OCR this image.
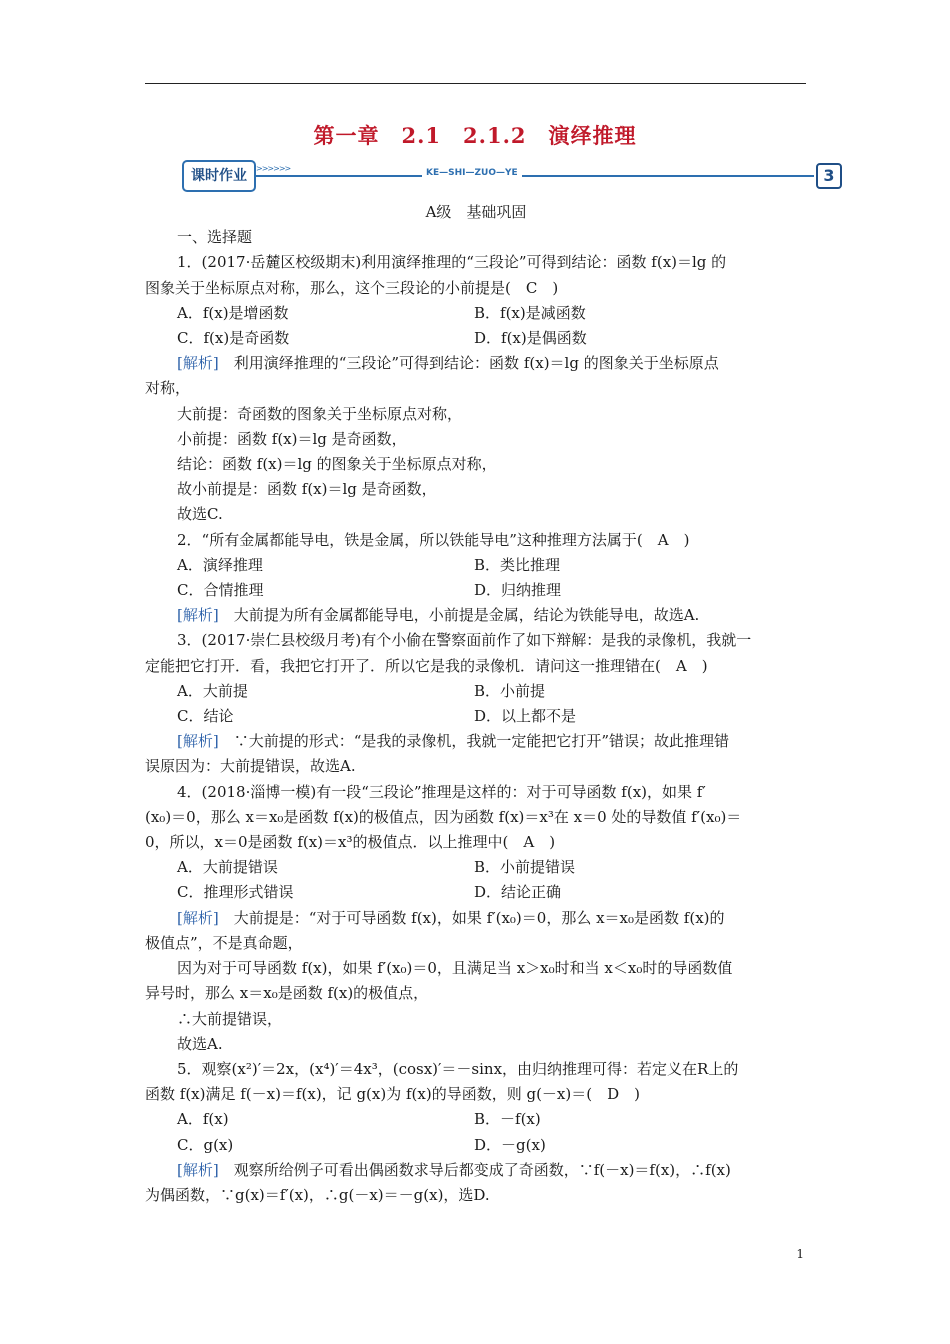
第一章　2.1　2.1.2　演绎推理
课时作业	>>>>>>	KE—SHI—ZUO—YE	3

A级　基础巩固

一、选择题

1．(2017·岳麓区校级期末)利用演绎推理的“三段论”可得到结论：函数 f(x)＝lg 的

图象关于坐标原点对称，那么，这个三段论的小前提是(　C　)

A．f(x)是增函数	B．f(x)是减函数
C．f(x)是奇函数	D．f(x)是偶函数

[解析]　利用演绎推理的“三段论”可得到结论：函数 f(x)＝lg 的图象关于坐标原点

对称，

大前提：奇函数的图象关于坐标原点对称，

小前提：函数 f(x)＝lg 是奇函数，

结论：函数 f(x)＝lg 的图象关于坐标原点对称，

故小前提是：函数 f(x)＝lg 是奇函数，

故选C.

2．“所有金属都能导电，铁是金属，所以铁能导电”这种推理方法属于(　A　)

A．演绎推理	B．类比推理
C．合情推理	D．归纳推理

[解析]　大前提为所有金属都能导电，小前提是金属，结论为铁能导电，故选A.

3．(2017·崇仁县校级月考)有个小偷在警察面前作了如下辩解：是我的录像机，我就一

定能把它打开．看，我把它打开了．所以它是我的录像机．请问这一推理错在(　A　)

A．大前提	B．小前提
C．结论	D．以上都不是

[解析]　∵大前提的形式：“是我的录像机，我就一定能把它打开”错误；故此推理错

误原因为：大前提错误，故选A.

4．(2018·淄博一模)有一段“三段论”推理是这样的：对于可导函数 f(x)，如果 f′

(x₀)＝0，那么 x＝x₀是函数 f(x)的极值点，因为函数 f(x)＝x³在 x＝0 处的导数值 f′(x₀)＝

0，所以，x＝0是函数 f(x)＝x³的极值点．以上推理中(　A　)

A．大前提错误	B．小前提错误
C．推理形式错误	D．结论正确

[解析]　大前提是：“对于可导函数 f(x)，如果 f′(x₀)＝0，那么 x＝x₀是函数 f(x)的

极值点”，不是真命题，

因为对于可导函数 f(x)，如果 f′(x₀)＝0，且满足当 x＞x₀时和当 x＜x₀时的导函数值

异号时，那么 x＝x₀是函数 f(x)的极值点，

∴大前提错误，

故选A.

5．观察(x²)′＝2x，(x⁴)′＝4x³，(cosx)′＝－sinx，由归纳推理可得：若定义在R上的

函数 f(x)满足 f(－x)＝f(x)，记 g(x)为 f(x)的导函数，则 g(－x)＝(　D　)

A．f(x)	B．－f(x)
C．g(x)	D．－g(x)

[解析]　观察所给例子可看出偶函数求导后都变成了奇函数，∵f(－x)＝f(x)，∴f(x)

为偶函数，∵g(x)＝f′(x)，∴g(－x)＝－g(x)，选D.

1
